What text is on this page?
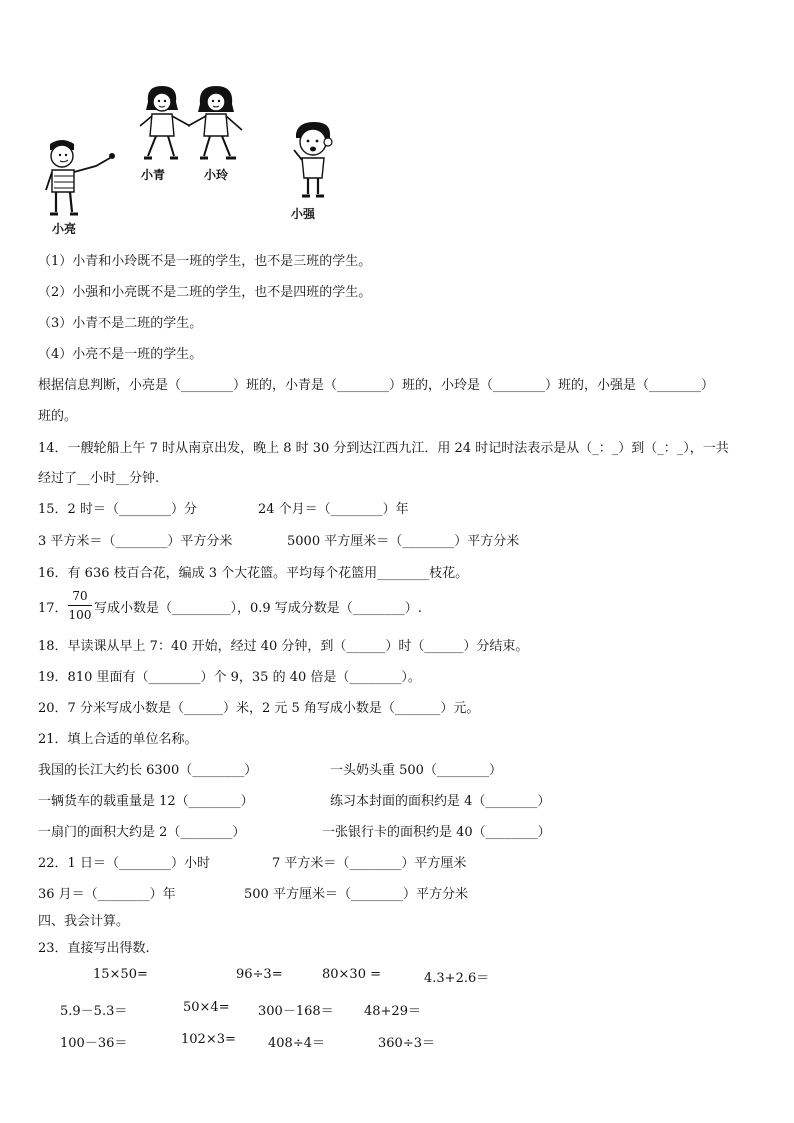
小青	小玲
小强
小亮
（1）小青和小玲既不是一班的学生，也不是三班的学生。
（2）小强和小亮既不是二班的学生，也不是四班的学生。
（3）小青不是二班的学生。
（4）小亮不是一班的学生。
根据信息判断，小亮是（________）班的，小青是（________）班的，小玲是（________）班的，小强是（________）
班的。
14．一艘轮船上午 7 时从南京出发，晚上 8 时 30 分到达江西九江．用 24 时记时法表示是从（_：_）到（_：_），一共
经过了__小时__分钟.
15．2 时＝（________）分	24 个月＝（________）年
3 平方米＝（________）平方分米	5000 平方厘米＝（________）平方分米
16．有 636 枝百合花，编成 3 个大花篮。平均每个花篮用________枝花。
17．
70
100 写成小数是（_________），0.9 写成分数是（________）.
18．早读课从早上 7：40 开始，经过 40 分钟，到（______）时（______）分结束。
19．810 里面有（________）个 9，35 的 40 倍是（________）。
20．7 分米写成小数是（______）米，2 元 5 角写成小数是（_______）元。
21．填上合适的单位名称。
我国的长江大约长 6300（________）	一头奶头重 500（________）
一辆货车的载重量是 12（________）	练习本封面的面积约是 4（________）
一扇门的面积大约是 2（________）	一张银行卡的面积约是 40（________）
22．1 日＝（________）小时	7 平方米＝（________）平方厘米
36 月＝（________）年	500 平方厘米＝（________）平方分米
四、我会计算。
23．直接写出得数.
15×50=	96÷3=	80×30 =	4.3+2.6＝
5.9－5.3＝	50×4= 300－168＝ 48+29＝
100－36＝	102×3= 408÷4＝	360÷3＝
